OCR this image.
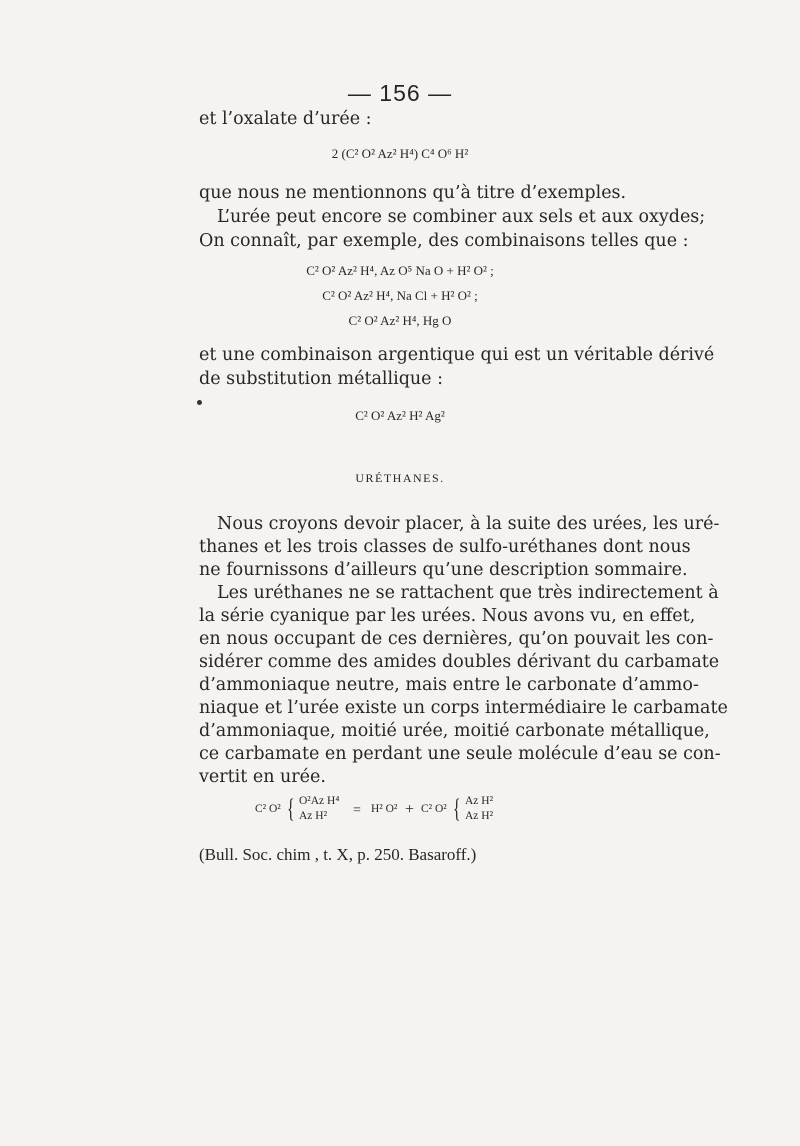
— 156 —
et l’oxalate d’urée :
2 (C² O² Az² H⁴) C⁴ O⁶ H²
que nous ne mentionnons qu’à titre d’exemples.
L’urée peut encore se combiner aux sels et aux oxydes;
On connaît, par exemple, des combinaisons telles que :
C² O² Az² H⁴, Az O⁵ Na O + H² O² ;
C² O² Az² H⁴, Na Cl + H² O² ;
C² O² Az² H⁴, Hg O
et une combinaison argentique qui est un véritable dérivé
de substitution métallique :
C² O² Az² H² Ag²
URÉTHANES.
Nous croyons devoir placer, à la suite des urées, les uré-
thanes et les trois classes de sulfo-uréthanes dont nous
ne fournissons d’ailleurs qu’une description sommaire.
Les uréthanes ne se rattachent que très indirectement à
la série cyanique par les urées. Nous avons vu, en effet,
en nous occupant de ces dernières, qu’on pouvait les con-
sidérer comme des amides doubles dérivant du carbamate
d’ammoniaque neutre, mais entre le carbonate d’ammo-
niaque et l’urée existe un corps intermédiaire le carbamate
d’ammoniaque, moitié urée, moitié carbonate métallique,
ce carbamate en perdant une seule molécule d’eau se con-
vertit en urée.
C² O² { O²Az H⁴
Az H² = H² O² + C² O² { Az H²
Az H²
(Bull. Soc. chim , t. X, p. 250. Basaroff.)
